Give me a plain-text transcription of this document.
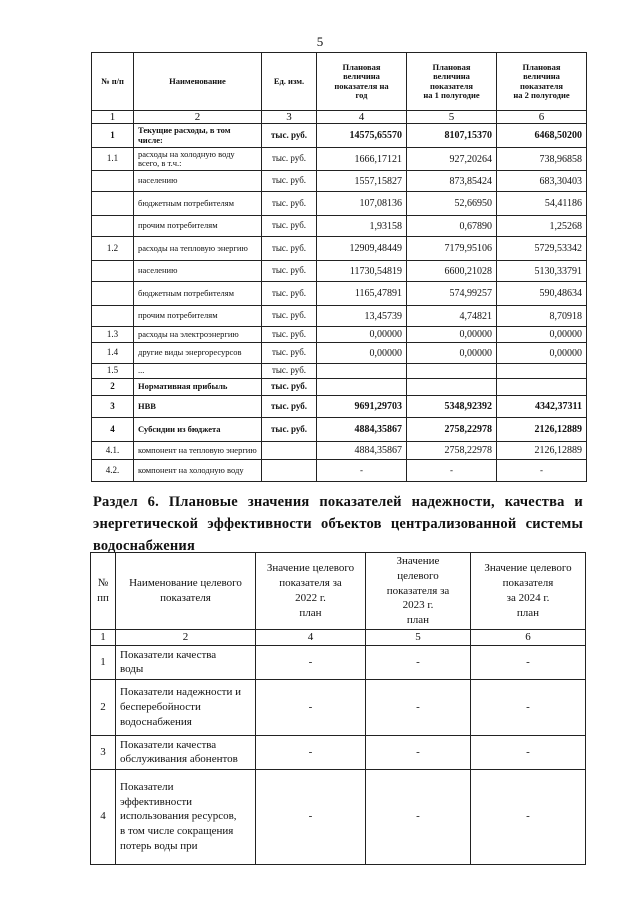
5
№ п/п	Наименование	Ед. изм.	Плановая
величина
показателя на
год	Плановая
величина
показателя
на 1 полугодие	Плановая
величина
показателя
на 2 полугодие

1	2	3	4	5	6
1	Текущие расходы, в том числе:	тыс. руб.	14575,65570	8107,15370	6468,50200
1.1	расходы на холодную воду всего, в т.ч.:	тыс. руб.	1666,17121	927,20264	738,96858
	населению	тыс. руб.	1557,15827	873,85424	683,30403
	бюджетным потребителям	тыс. руб.	107,08136	52,66950	54,41186
	прочим потребителям	тыс. руб.	1,93158	0,67890	1,25268
1.2	расходы на тепловую энергию	тыс. руб.	12909,48449	7179,95106	5729,53342
	населению	тыс. руб.	11730,54819	6600,21028	5130,33791
	бюджетным потребителям	тыс. руб.	1165,47891	574,99257	590,48634
	прочим потребителям	тыс. руб.	13,45739	4,74821	8,70918
1.3	расходы на электроэнергию	тыс. руб.	0,00000	0,00000	0,00000
1.4	другие виды энергоресурсов	тыс. руб.	0,00000	0,00000	0,00000
1.5	...	тыс. руб.			
2	Нормативная прибыль	тыс. руб.			
3	НВВ	тыс. руб.	9691,29703	5348,92392	4342,37311
4	Субсидии из бюджета	тыс. руб.	4884,35867	2758,22978	2126,12889
4.1.	компонент на тепловую энергию		4884,35867	2758,22978	2126,12889
4.2.	компонент на холодную воду		-	-	-
Раздел 6. Плановые значения показателей надежности, качества и энергетической эффективности объектов централизованной системы водоснабжения
№
пп	Наименование целевого
показателя	Значение целевого
показателя за
2022 г.
план	Значение
целевого
показателя за
2023 г.
план	Значение целевого
показателя
за 2024 г.
план

1	2	4	5	6
1	Показатели качества
воды	-	-	-
2	Показатели надежности и
бесперебойности
водоснабжения	-	-	-
3	Показатели качества
обслуживания абонентов	-	-	-
4	Показатели
эффективности
использования ресурсов,
в том числе сокращения
потерь воды при	-	-	-
